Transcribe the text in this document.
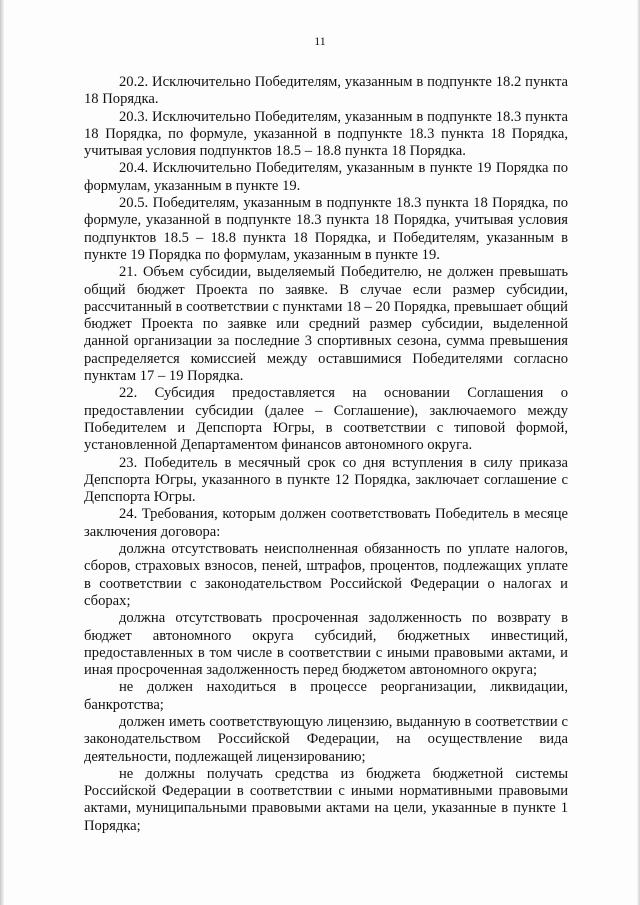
11

20.2. Исключительно Победителям, указанным в подпункте 18.2 пункта 18 Порядка.

20.3. Исключительно Победителям, указанным в подпункте 18.3 пункта 18 Порядка, по формуле, указанной в подпункте 18.3 пункта 18 Порядка, учитывая условия подпунктов 18.5 – 18.8 пункта 18 Порядка.

20.4. Исключительно Победителям, указанным в пункте 19 Порядка по формулам, указанным в пункте 19.

20.5. Победителям, указанным в подпункте 18.3 пункта 18 Порядка, по формуле, указанной в подпункте 18.3 пункта 18 Порядка, учитывая условия подпунктов 18.5 – 18.8 пункта 18 Порядка, и Победителям, указанным в пункте 19 Порядка по формулам, указанным в пункте 19.

21. Объем субсидии, выделяемый Победителю, не должен превышать общий бюджет Проекта по заявке. В случае если размер субсидии, рассчитанный в соответствии с пунктами 18 – 20 Порядка, превышает общий бюджет Проекта по заявке или средний размер субсидии, выделенной данной организации за последние 3 спортивных сезона, сумма превышения распределяется комиссией между оставшимися Победителями согласно пунктам 17 – 19 Порядка.

22. Субсидия предоставляется на основании Соглашения о предоставлении субсидии (далее – Соглашение), заключаемого между Победителем и Депспорта Югры, в соответствии с типовой формой, установленной Департаментом финансов автономного округа.

23. Победитель в месячный срок со дня вступления в силу приказа Депспорта Югры, указанного в пункте 12 Порядка, заключает соглашение с Депспорта Югры.

24. Требования, которым должен соответствовать Победитель в месяце заключения договора:

должна отсутствовать неисполненная обязанность по уплате налогов, сборов, страховых взносов, пеней, штрафов, процентов, подлежащих уплате в соответствии с законодательством Российской Федерации о налогах и сборах;

должна отсутствовать просроченная задолженность по возврату в бюджет автономного округа субсидий, бюджетных инвестиций, предоставленных в том числе в соответствии с иными правовыми актами, и иная просроченная задолженность перед бюджетом автономного округа;

не должен находиться в процессе реорганизации, ликвидации, банкротства;

должен иметь соответствующую лицензию, выданную в соответствии с законодательством Российской Федерации, на осуществление вида деятельности, подлежащей лицензированию;

не должны получать средства из бюджета бюджетной системы Российской Федерации в соответствии с иными нормативными правовыми актами, муниципальными правовыми актами на цели, указанные в пункте 1 Порядка;
